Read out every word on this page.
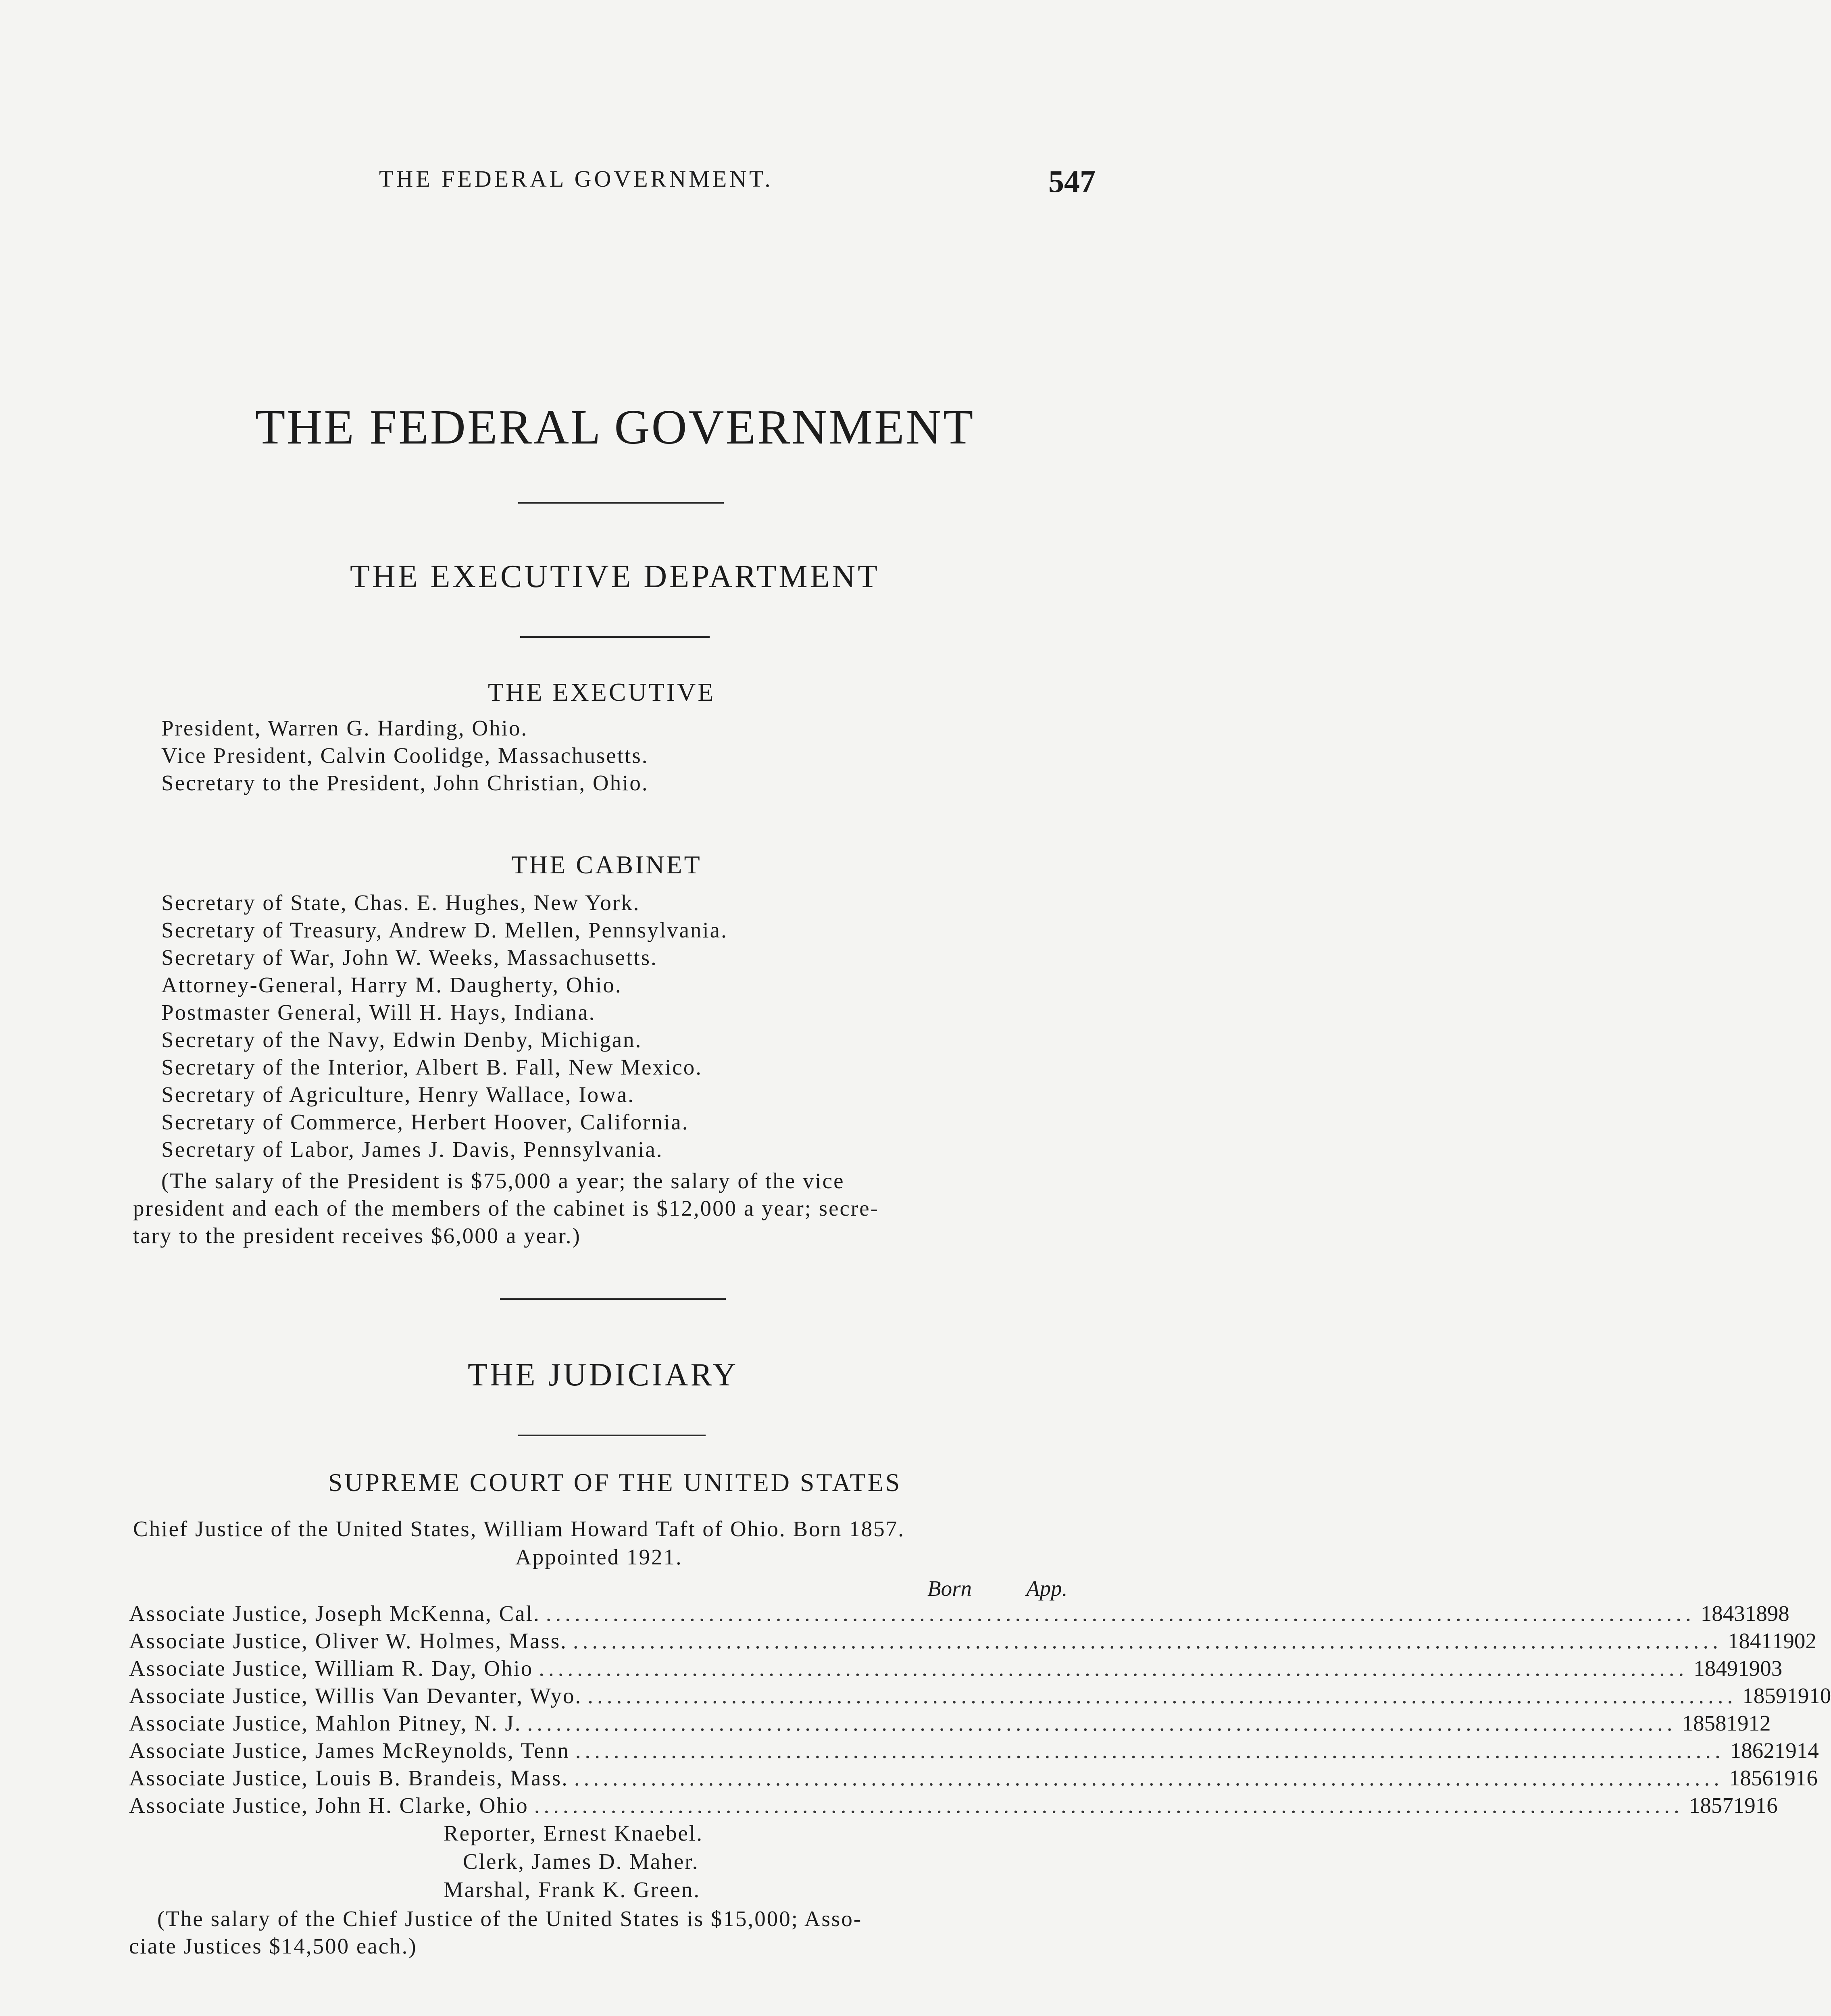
THE FEDERAL GOVERNMENT.	547
THE FEDERAL GOVERNMENT
THE EXECUTIVE DEPARTMENT
THE EXECUTIVE
President, Warren G. Harding, Ohio.
Vice President, Calvin Coolidge, Massachusetts.
Secretary to the President, John Christian, Ohio.
THE CABINET
Secretary of State, Chas. E. Hughes, New York.
Secretary of Treasury, Andrew D. Mellen, Pennsylvania.
Secretary of War, John W. Weeks, Massachusetts.
Attorney-General, Harry M. Daugherty, Ohio.
Postmaster General, Will H. Hays, Indiana.
Secretary of the Navy, Edwin Denby, Michigan.
Secretary of the Interior, Albert B. Fall, New Mexico.
Secretary of Agriculture, Henry Wallace, Iowa.
Secretary of Commerce, Herbert Hoover, California.
Secretary of Labor, James J. Davis, Pennsylvania.
(The salary of the President is $75,000 a year; the salary of the vice
president and each of the members of the cabinet is $12,000 a year; secre-
tary to the president receives $6,000 a year.)
THE JUDICIARY
SUPREME COURT OF THE UNITED STATES
Chief Justice of the United States, William Howard Taft of Ohio. Born 1857.
Appointed 1921.
Born App.
Associate Justice, Joseph McKenna, Cal. ........................................................................................................................ 1843 1898
Associate Justice, Oliver W. Holmes, Mass. ........................................................................................................................ 1841 1902
Associate Justice, William R. Day, Ohio ........................................................................................................................ 1849 1903
Associate Justice, Willis Van Devanter, Wyo. ........................................................................................................................ 1859 1910
Associate Justice, Mahlon Pitney, N. J. ........................................................................................................................ 1858 1912
Associate Justice, James McReynolds, Tenn ........................................................................................................................ 1862 1914
Associate Justice, Louis B. Brandeis, Mass. ........................................................................................................................ 1856 1916
Associate Justice, John H. Clarke, Ohio ........................................................................................................................ 1857 1916
Reporter, Ernest Knaebel.
Clerk, James D. Maher.
Marshal, Frank K. Green.
(The salary of the Chief Justice of the United States is $15,000; Asso-
ciate Justices $14,500 each.)
